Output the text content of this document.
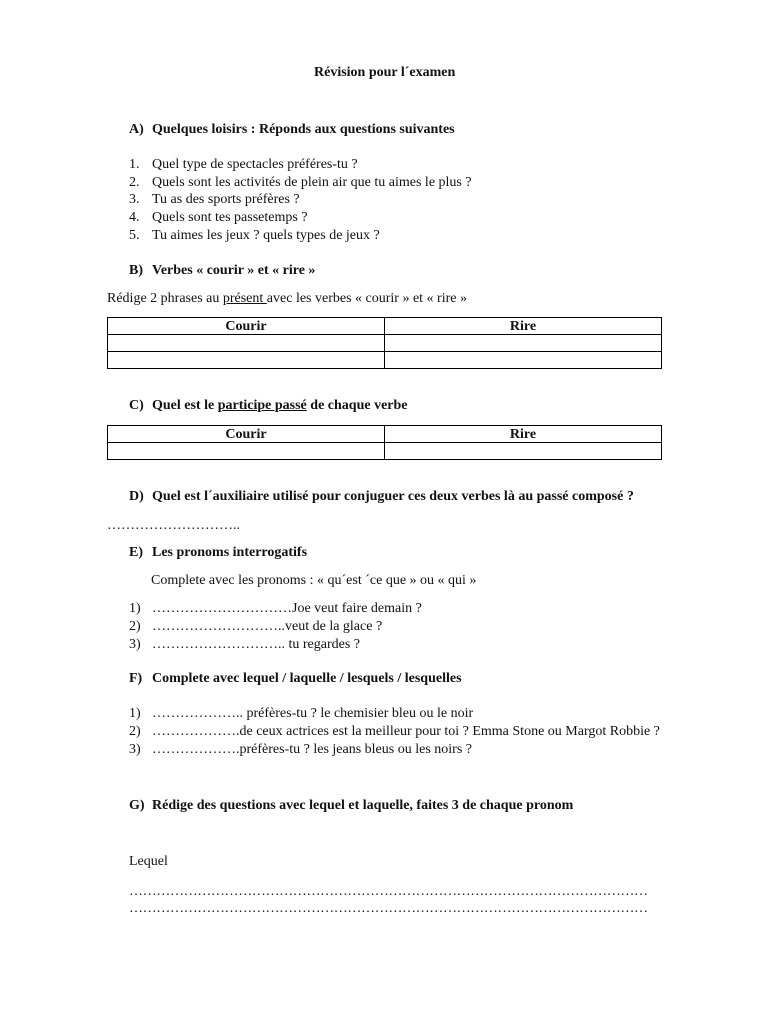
Révision pour l´examen
A) Quelques loisirs : Réponds aux questions suivantes
1. Quel type de spectacles préféres-tu ?
2. Quels sont les activités de plein air que tu aimes le plus ?
3. Tu as des sports préfères ?
4. Quels sont tes passetemps ?
5. Tu aimes les jeux ? quels types de jeux ?
B) Verbes « courir » et « rire »
Rédige 2 phrases au présent avec les verbes « courir » et « rire »
Courir	Rire

C) Quel est le participe passé de chaque verbe
Courir	Rire

D) Quel est l´auxiliaire utilisé pour conjuguer ces deux verbes là au passé composé ?
………………………..
E) Les pronoms interrogatifs
Complete avec les pronoms : « qu´est ´ce que » ou « qui »
1) …………………………Joe veut faire demain ?
2) ………………………..veut de la glace ?
3) ……………………….. tu regardes ?
F) Complete avec lequel / laquelle / lesquels / lesquelles
1) ……………….. préfères-tu ? le chemisier bleu ou le noir
2) ……………….de ceux actrices est la meilleur pour toi ? Emma Stone ou Margot Robbie ?
3) ……………….préfères-tu ? les jeans bleus ou les noirs ?
G) Rédige des questions avec lequel et laquelle, faites 3 de chaque pronom
Lequel
……………………………………………………………………………………………………
……………………………………………………………………………………………………
